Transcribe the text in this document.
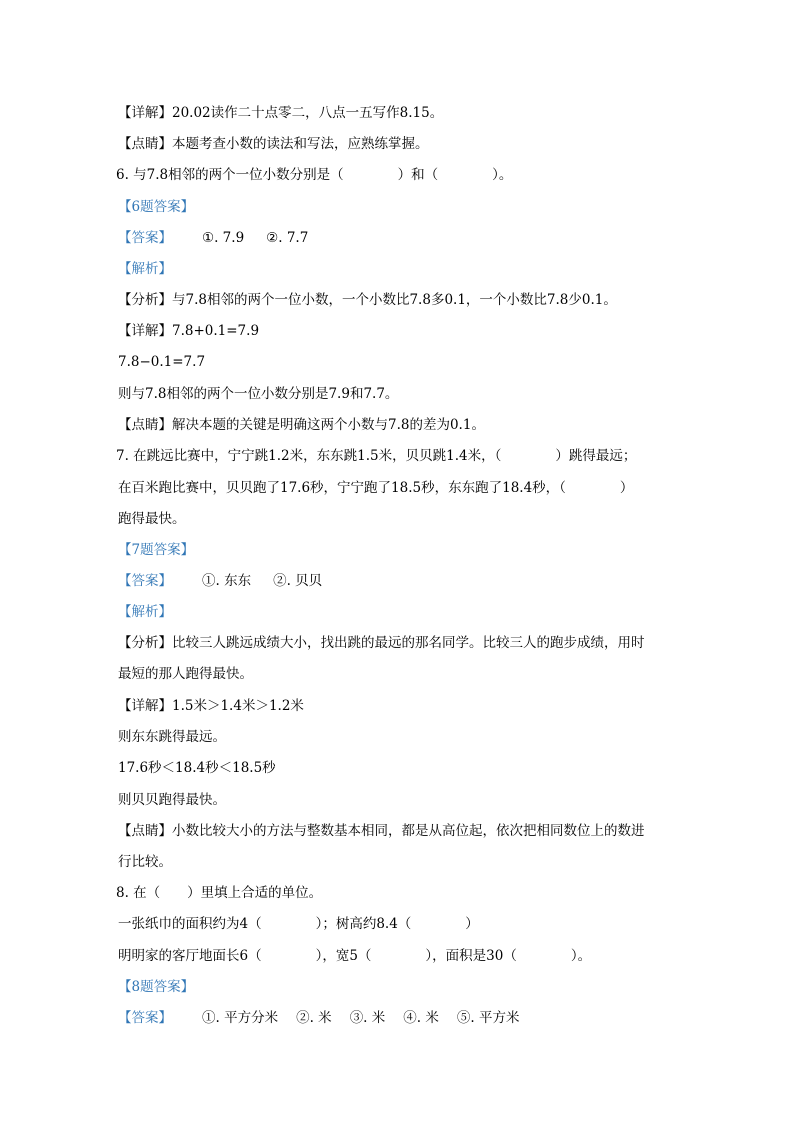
【详解】20.02读作二十点零二，八点一五写作8.15。
【点睛】本题考查小数的读法和写法，应熟练掌握。
6. 与7.8相邻的两个一位小数分别是（　　　　）和（　　　　）。
【6题答案】
【答案】 ①. 7.9 ②. 7.7
【解析】
【分析】与7.8相邻的两个一位小数，一个小数比7.8多0.1，一个小数比7.8少0.1。
【详解】7.8+0.1=7.9
7.8−0.1=7.7
则与7.8相邻的两个一位小数分别是7.9和7.7。
【点睛】解决本题的关键是明确这两个小数与7.8的差为0.1。
7. 在跳远比赛中，宁宁跳1.2米，东东跳1.5米，贝贝跳1.4米，（　　　　）跳得最远；
在百米跑比赛中，贝贝跑了17.6秒，宁宁跑了18.5秒，东东跑了18.4秒，（　　　　）
跑得最快。
【7题答案】
【答案】 ①. 东东 ②. 贝贝
【解析】
【分析】比较三人跳远成绩大小，找出跳的最远的那名同学。比较三人的跑步成绩，用时
最短的那人跑得最快。
【详解】1.5米＞1.4米＞1.2米
则东东跳得最远。
17.6秒＜18.4秒＜18.5秒
则贝贝跑得最快。
【点睛】小数比较大小的方法与整数基本相同，都是从高位起，依次把相同数位上的数进
行比较。
8. 在（　　）里填上合适的单位。
一张纸巾的面积约为4（　　　　）；树高约8.4（　　　　）
明明家的客厅地面长6（　　　　），宽5（　　　　），面积是30（　　　　）。
【8题答案】
【答案】 ①. 平方分米 ②. 米 ③. 米 ④. 米 ⑤. 平方米
